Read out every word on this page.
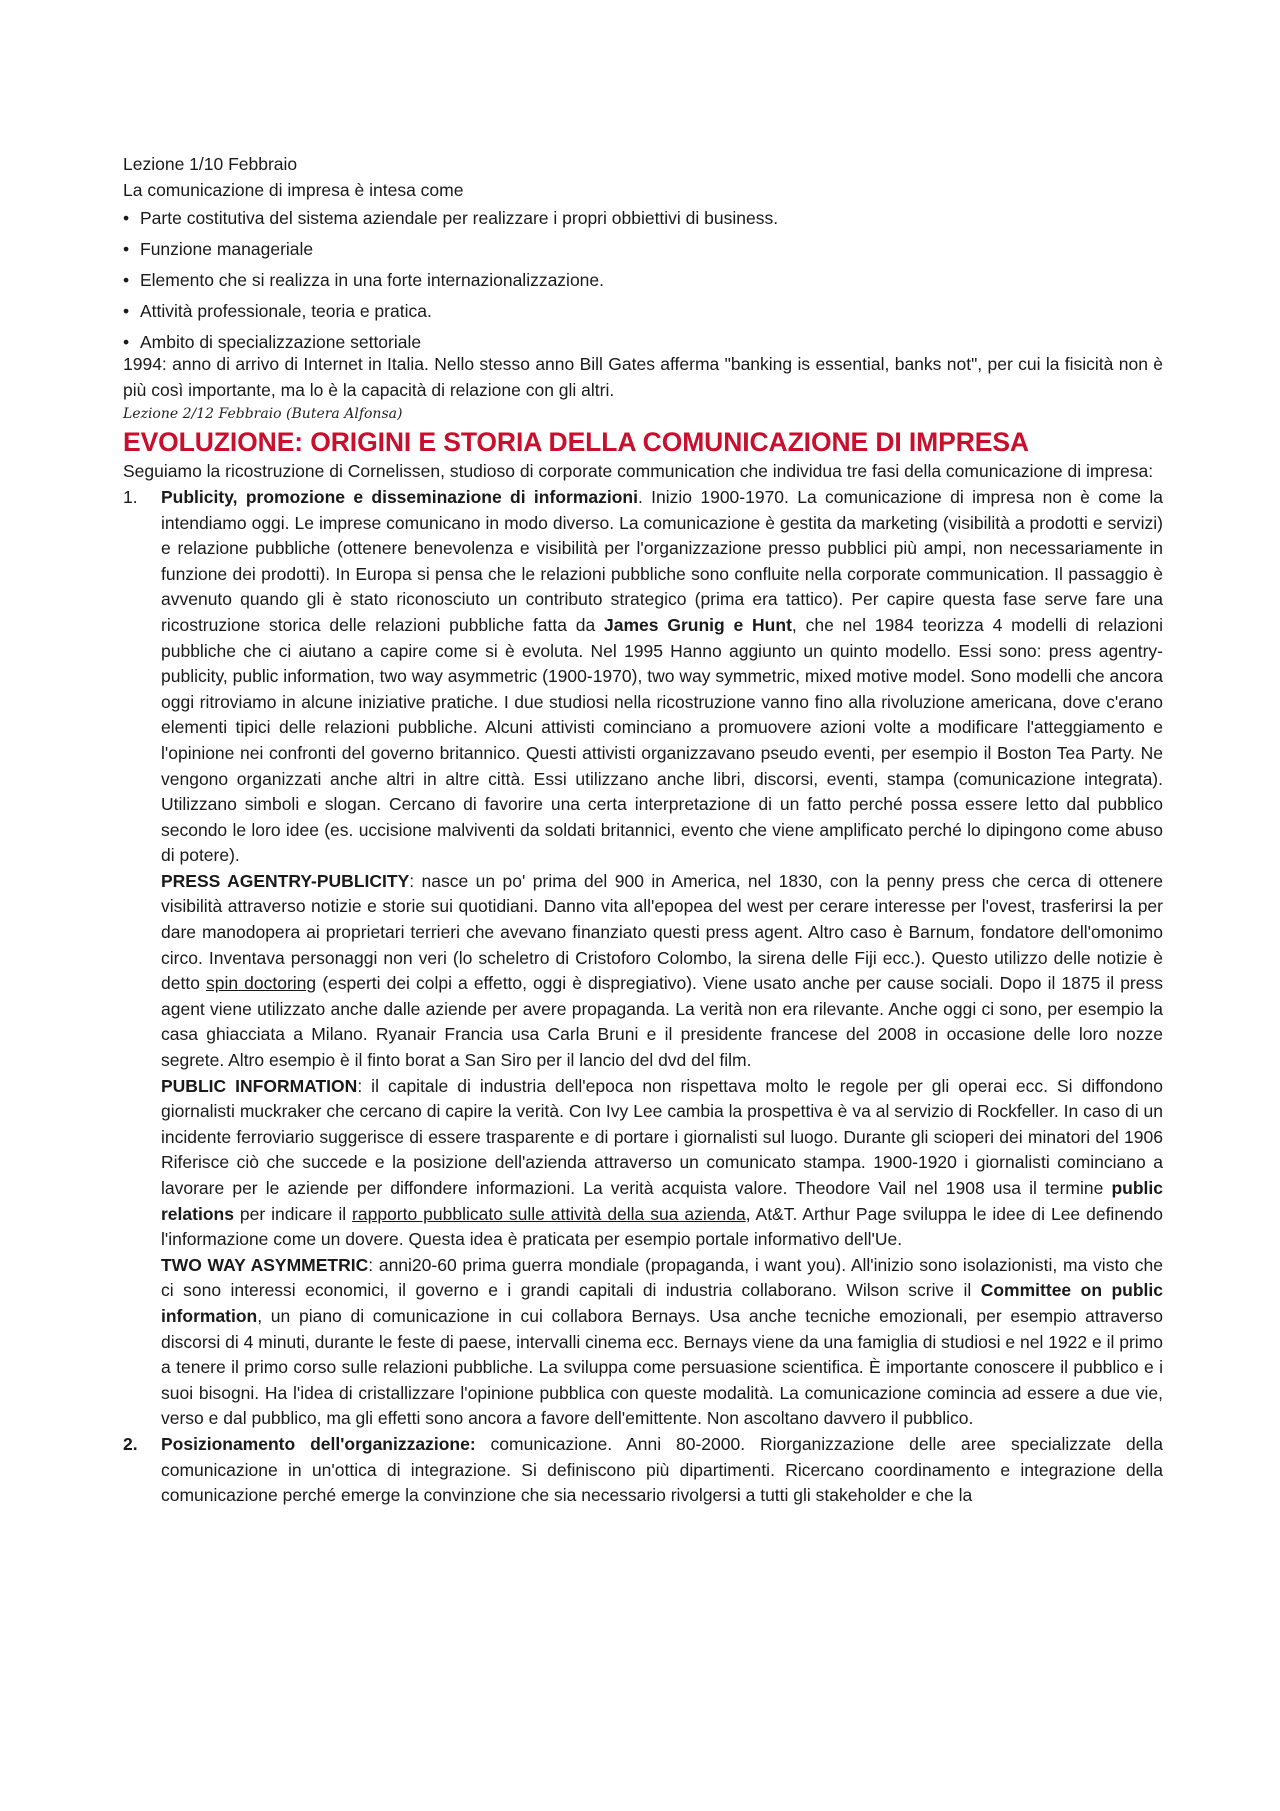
Lezione 1/10 Febbraio

La comunicazione di impresa è intesa come

• Parte costitutiva del sistema aziendale per realizzare i propri obbiettivi di business.
• Funzione manageriale
• Elemento che si realizza in una forte internazionalizzazione.
• Attività professionale, teoria e pratica.
• Ambito di specializzazione settoriale

1994: anno di arrivo di Internet in Italia. Nello stesso anno Bill Gates afferma "banking is essential, banks not", per cui la fisicità non è più così importante, ma lo è la capacità di relazione con gli altri.

Lezione 2/12 Febbraio (Butera Alfonsa)
EVOLUZIONE: ORIGINI E STORIA DELLA COMUNICAZIONE DI IMPRESA

Seguiamo la ricostruzione di Cornelissen, studioso di corporate communication che individua tre fasi della comunicazione di impresa:

1. Publicity, promozione e disseminazione di informazioni. Inizio 1900-1970. La comunicazione di impresa non è come la intendiamo oggi. Le imprese comunicano in modo diverso. La comunicazione è gestita da marketing (visibilità a prodotti e servizi) e relazione pubbliche (ottenere benevolenza e visibilità per l'organizzazione presso pubblici più ampi, non necessariamente in funzione dei prodotti). In Europa si pensa che le relazioni pubbliche sono confluite nella corporate communication. Il passaggio è avvenuto quando gli è stato riconosciuto un contributo strategico (prima era tattico). Per capire questa fase serve fare una ricostruzione storica delle relazioni pubbliche fatta da James Grunig e Hunt, che nel 1984 teorizza 4 modelli di relazioni pubbliche che ci aiutano a capire come si è evoluta. Nel 1995 Hanno aggiunto un quinto modello. Essi sono: press agentry-publicity, public information, two way asymmetric (1900-1970), two way symmetric, mixed motive model. Sono modelli che ancora oggi ritroviamo in alcune iniziative pratiche. I due studiosi nella ricostruzione vanno fino alla rivoluzione americana, dove c'erano elementi tipici delle relazioni pubbliche. Alcuni attivisti cominciano a promuovere azioni volte a modificare l'atteggiamento e l'opinione nei confronti del governo britannico. Questi attivisti organizzavano pseudo eventi, per esempio il Boston Tea Party. Ne vengono organizzati anche altri in altre città. Essi utilizzano anche libri, discorsi, eventi, stampa (comunicazione integrata). Utilizzano simboli e slogan. Cercano di favorire una certa interpretazione di un fatto perché possa essere letto dal pubblico secondo le loro idee (es. uccisione malviventi da soldati britannici, evento che viene amplificato perché lo dipingono come abuso di potere).

PRESS AGENTRY-PUBLICITY: nasce un po' prima del 900 in America, nel 1830, con la penny press che cerca di ottenere visibilità attraverso notizie e storie sui quotidiani. Danno vita all'epopea del west per cerare interesse per l'ovest, trasferirsi la per dare manodopera ai proprietari terrieri che avevano finanziato questi press agent. Altro caso è Barnum, fondatore dell'omonimo circo. Inventava personaggi non veri (lo scheletro di Cristoforo Colombo, la sirena delle Fiji ecc.). Questo utilizzo delle notizie è detto spin doctoring (esperti dei colpi a effetto, oggi è dispregiativo). Viene usato anche per cause sociali. Dopo il 1875 il press agent viene utilizzato anche dalle aziende per avere propaganda. La verità non era rilevante. Anche oggi ci sono, per esempio la casa ghiacciata a Milano. Ryanair Francia usa Carla Bruni e il presidente francese del 2008 in occasione delle loro nozze segrete. Altro esempio è il finto borat a San Siro per il lancio del dvd del film.

PUBLIC INFORMATION: il capitale di industria dell'epoca non rispettava molto le regole per gli operai ecc. Si diffondono giornalisti muckraker che cercano di capire la verità. Con Ivy Lee cambia la prospettiva è va al servizio di Rockfeller. In caso di un incidente ferroviario suggerisce di essere trasparente e di portare i giornalisti sul luogo. Durante gli scioperi dei minatori del 1906 Riferisce ciò che succede e la posizione dell'azienda attraverso un comunicato stampa. 1900-1920 i giornalisti cominciano a lavorare per le aziende per diffondere informazioni. La verità acquista valore. Theodore Vail nel 1908 usa il termine public relations per indicare il rapporto pubblicato sulle attività della sua azienda, At&T. Arthur Page sviluppa le idee di Lee definendo l'informazione come un dovere. Questa idea è praticata per esempio portale informativo dell'Ue.

TWO WAY ASYMMETRIC: anni20-60 prima guerra mondiale (propaganda, i want you). All'inizio sono isolazionisti, ma visto che ci sono interessi economici, il governo e i grandi capitali di industria collaborano. Wilson scrive il Committee on public information, un piano di comunicazione in cui collabora Bernays. Usa anche tecniche emozionali, per esempio attraverso discorsi di 4 minuti, durante le feste di paese, intervalli cinema ecc. Bernays viene da una famiglia di studiosi e nel 1922 e il primo a tenere il primo corso sulle relazioni pubbliche. La sviluppa come persuasione scientifica. È importante conoscere il pubblico e i suoi bisogni. Ha l'idea di cristallizzare l'opinione pubblica con queste modalità. La comunicazione comincia ad essere a due vie, verso e dal pubblico, ma gli effetti sono ancora a favore dell'emittente. Non ascoltano davvero il pubblico.

2. Posizionamento dell'organizzazione: comunicazione. Anni 80-2000. Riorganizzazione delle aree specializzate della comunicazione in un'ottica di integrazione. Si definiscono più dipartimenti. Ricercano coordinamento e integrazione della comunicazione perché emerge la convinzione che sia necessario rivolgersi a tutti gli stakeholder e che la
